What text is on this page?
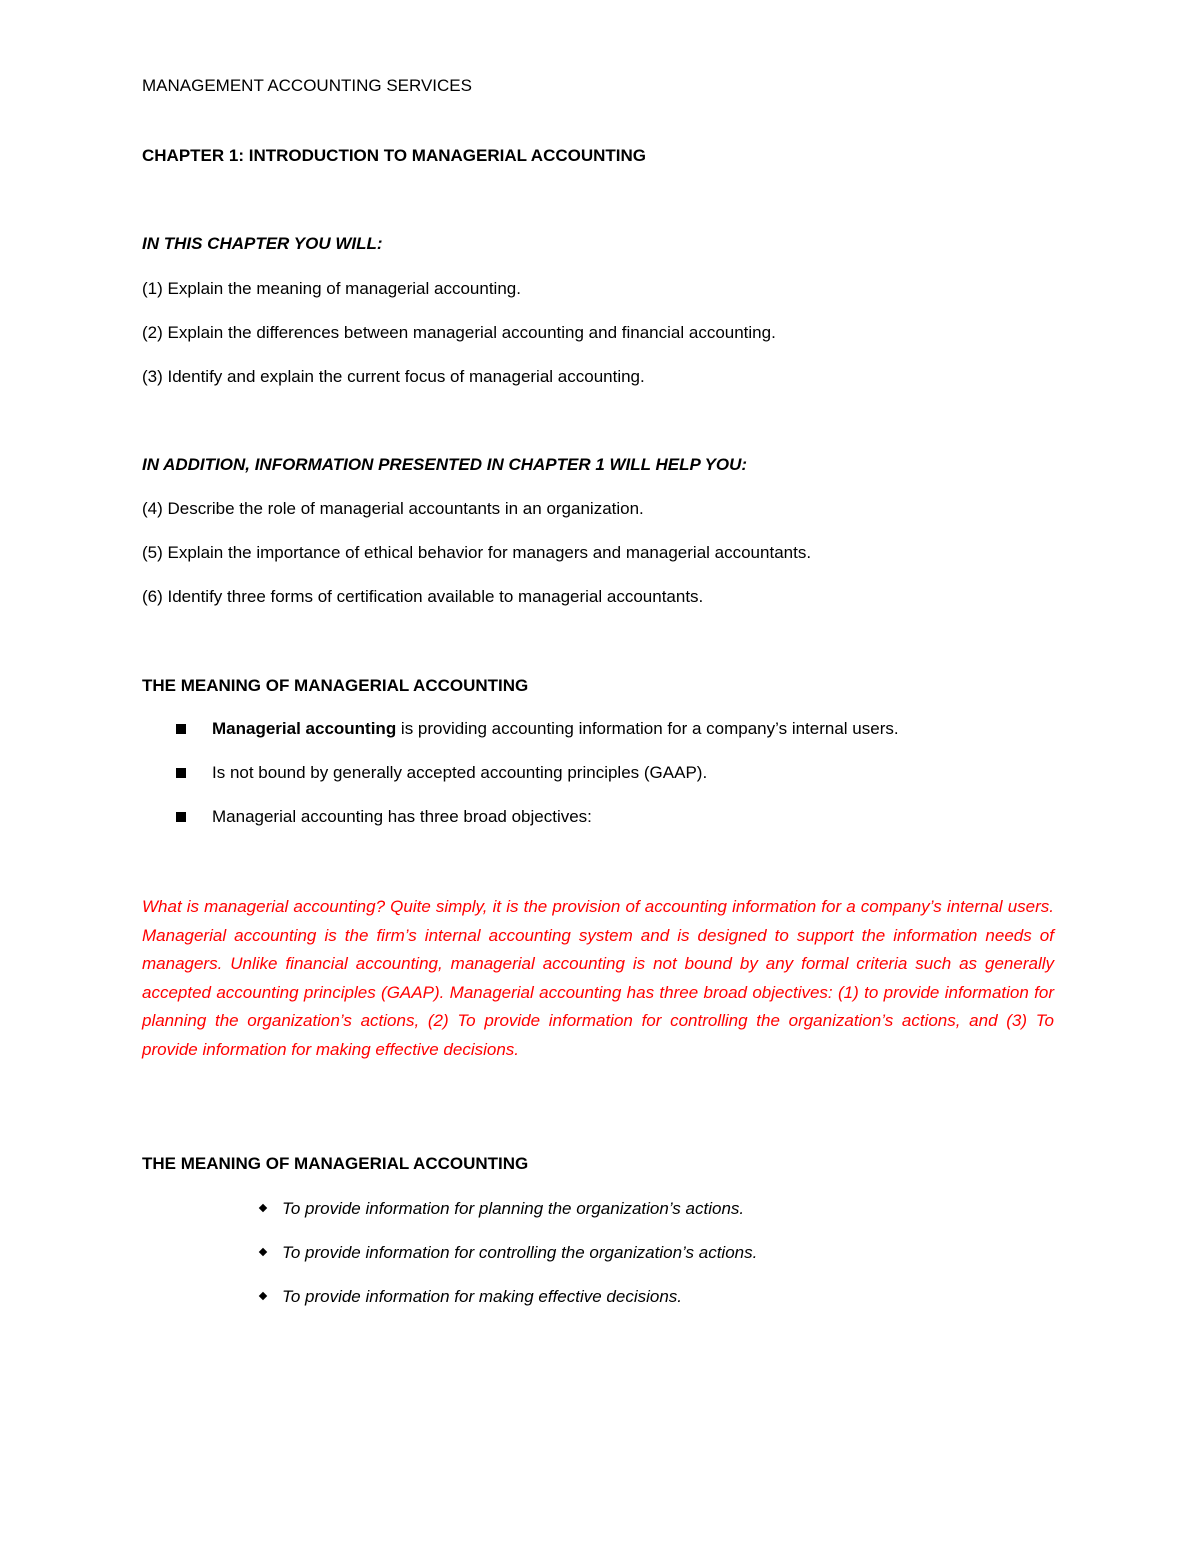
MANAGEMENT ACCOUNTING SERVICES
CHAPTER 1: INTRODUCTION TO MANAGERIAL ACCOUNTING
IN THIS CHAPTER YOU WILL:
(1) Explain the meaning of managerial accounting.
(2) Explain the differences between managerial accounting and financial accounting.
(3) Identify and explain the current focus of managerial accounting.
IN ADDITION, INFORMATION PRESENTED IN CHAPTER 1 WILL HELP YOU:
(4) Describe the role of managerial accountants in an organization.
(5) Explain the importance of ethical behavior for managers and managerial accountants.
(6) Identify three forms of certification available to managerial accountants.
THE MEANING OF MANAGERIAL ACCOUNTING
Managerial accounting is providing accounting information for a company’s internal users.
Is not bound by generally accepted accounting principles (GAAP).
Managerial accounting has three broad objectives:
What is managerial accounting? Quite simply, it is the provision of accounting information for a company’s internal users. Managerial accounting is the firm’s internal accounting system and is designed to support the information needs of managers. Unlike financial accounting, managerial accounting is not bound by any formal criteria such as generally accepted accounting principles (GAAP). Managerial accounting has three broad objectives: (1) to provide information for planning the organization’s actions, (2) To provide information for controlling the organization’s actions, and (3) To provide information for making effective decisions.
THE MEANING OF MANAGERIAL ACCOUNTING
To provide information for planning the organization’s actions.
To provide information for controlling the organization’s actions.
To provide information for making effective decisions.
